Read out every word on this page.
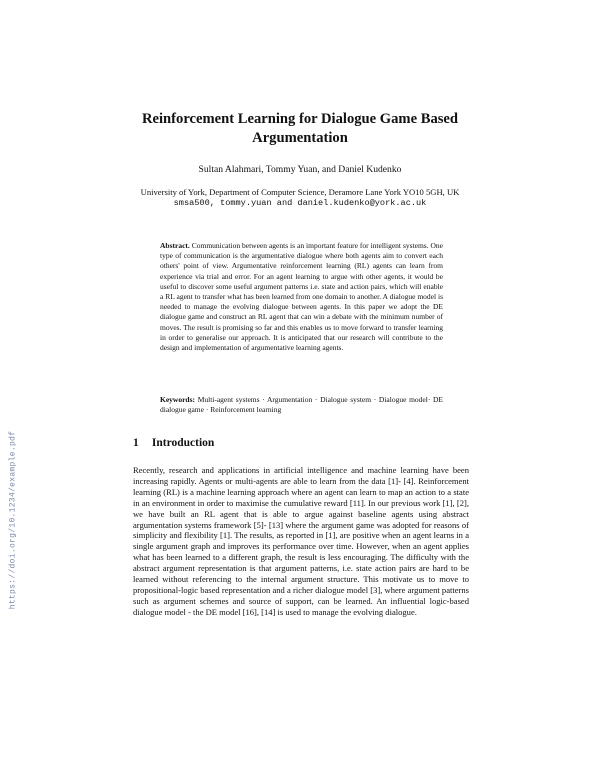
Reinforcement Learning for Dialogue Game Based
Argumentation
Sultan Alahmari, Tommy Yuan, and Daniel Kudenko
University of York, Department of Computer Science, Deramore Lane York YO10 5GH, UK
smsa500, tommy.yuan and daniel.kudenko@york.ac.uk
Abstract. Communication between agents is an important feature for intelligent systems. One type of communication is the argumentative dialogue where both agents aim to convert each others' point of view. Argumentative reinforcement learning (RL) agents can learn from experience via trial and error. For an agent learning to argue with other agents, it would be useful to discover some useful argument patterns i.e. state and action pairs, which will enable a RL agent to transfer what has been learned from one domain to another. A dialogue model is needed to manage the evolving dialogue between agents. In this paper we adopt the DE dialogue game and construct an RL agent that can win a debate with the minimum number of moves. The result is promising so far and this enables us to move forward to transfer learning in order to generalise our approach. It is anticipated that our research will contribute to the design and implementation of argumentative learning agents.
Keywords: Multi-agent systems · Argumentation · Dialogue system · Dialogue model· DE dialogue game · Reinforcement learning
1 Introduction
Recently, research and applications in artificial intelligence and machine learning have been increasing rapidly. Agents or multi-agents are able to learn from the data [1]- [4]. Reinforcement learning (RL) is a machine learning approach where an agent can learn to map an action to a state in an environment in order to maximise the cumulative reward [11]. In our previous work [1], [2], we have built an RL agent that is able to argue against baseline agents using abstract argumentation systems framework [5]- [13] where the argument game was adopted for reasons of simplicity and flexibility [1]. The results, as reported in [1], are positive when an agent learns in a single argument graph and improves its performance over time. However, when an agent applies what has been learned to a different graph, the result is less encouraging. The difficulty with the abstract argument representation is that argument patterns, i.e. state action pairs are hard to be learned without referencing to the internal argument structure. This motivate us to move to propositional-logic based representation and a richer dialogue model [3], where argument patterns such as argument schemes and source of support, can be learned. An influential logic-based dialogue model - the DE model [16], [14] is used to manage the evolving dialogue.
https://doi.org/10.1234/example.pdf
